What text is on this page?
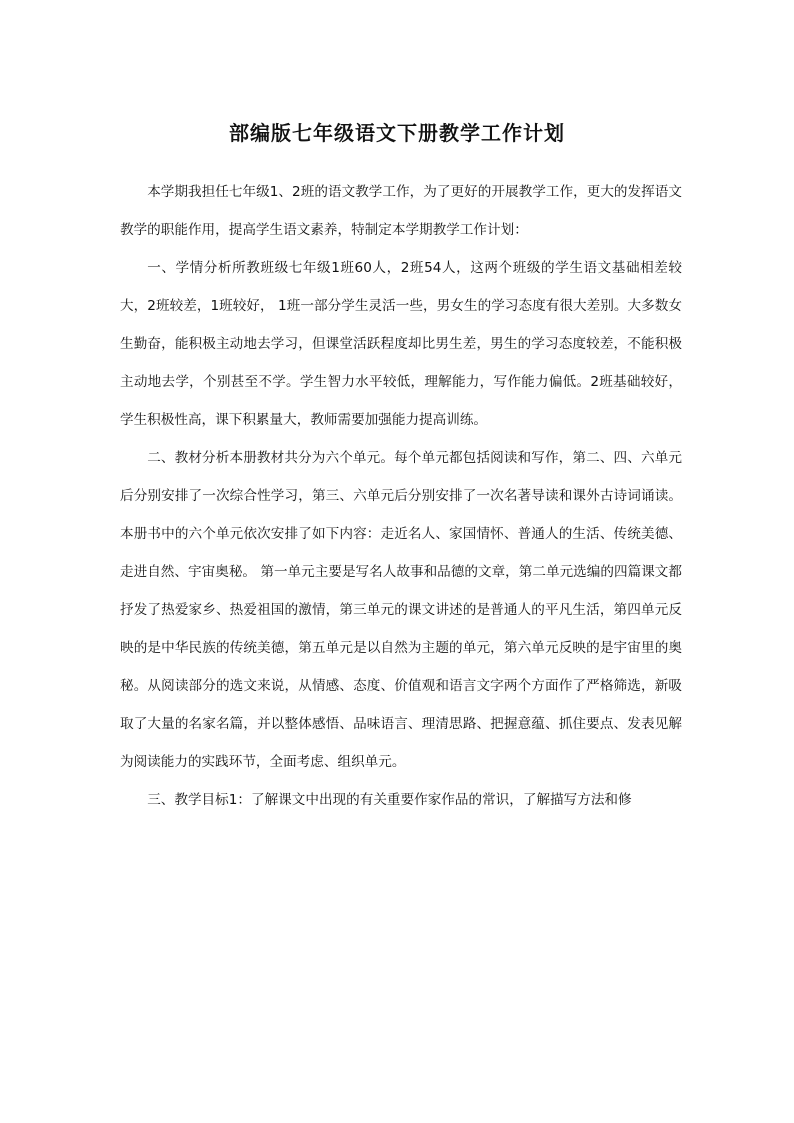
部编版七年级语文下册教学工作计划

本学期我担任七年级1、2班的语文教学工作，为了更好的开展教学工作，更大的发挥语文教学的职能作用，提高学生语文素养，特制定本学期教学工作计划：

一、学情分析所教班级七年级1班60人，2班54人，这两个班级的学生语文基础相差较大，2班较差，1班较好， 1班一部分学生灵活一些，男女生的学习态度有很大差别。大多数女生勤奋，能积极主动地去学习，但课堂活跃程度却比男生差，男生的学习态度较差，不能积极主动地去学，个别甚至不学。学生智力水平较低，理解能力，写作能力偏低。2班基础较好，学生积极性高，课下积累量大，教师需要加强能力提高训练。

二、教材分析本册教材共分为六个单元。每个单元都包括阅读和写作，第二、四、六单元后分别安排了一次综合性学习，第三、六单元后分别安排了一次名著导读和课外古诗词诵读。本册书中的六个单元依次安排了如下内容：走近名人、家国情怀、普通人的生活、传统美德、走进自然、宇宙奥秘。 第一单元主要是写名人故事和品德的文章，第二单元选编的四篇课文都抒发了热爱家乡、热爱祖国的激情，第三单元的课文讲述的是普通人的平凡生活，第四单元反映的是中华民族的传统美德，第五单元是以自然为主题的单元，第六单元反映的是宇宙里的奥秘。从阅读部分的选文来说，从情感、态度、价值观和语言文字两个方面作了严格筛选，新吸取了大量的名家名篇，并以整体感悟、品味语言、理清思路、把握意蕴、抓住要点、发表见解为阅读能力的实践环节，全面考虑、组织单元。

三、教学目标1：了解课文中出现的有关重要作家作品的常识，了解描写方法和修
